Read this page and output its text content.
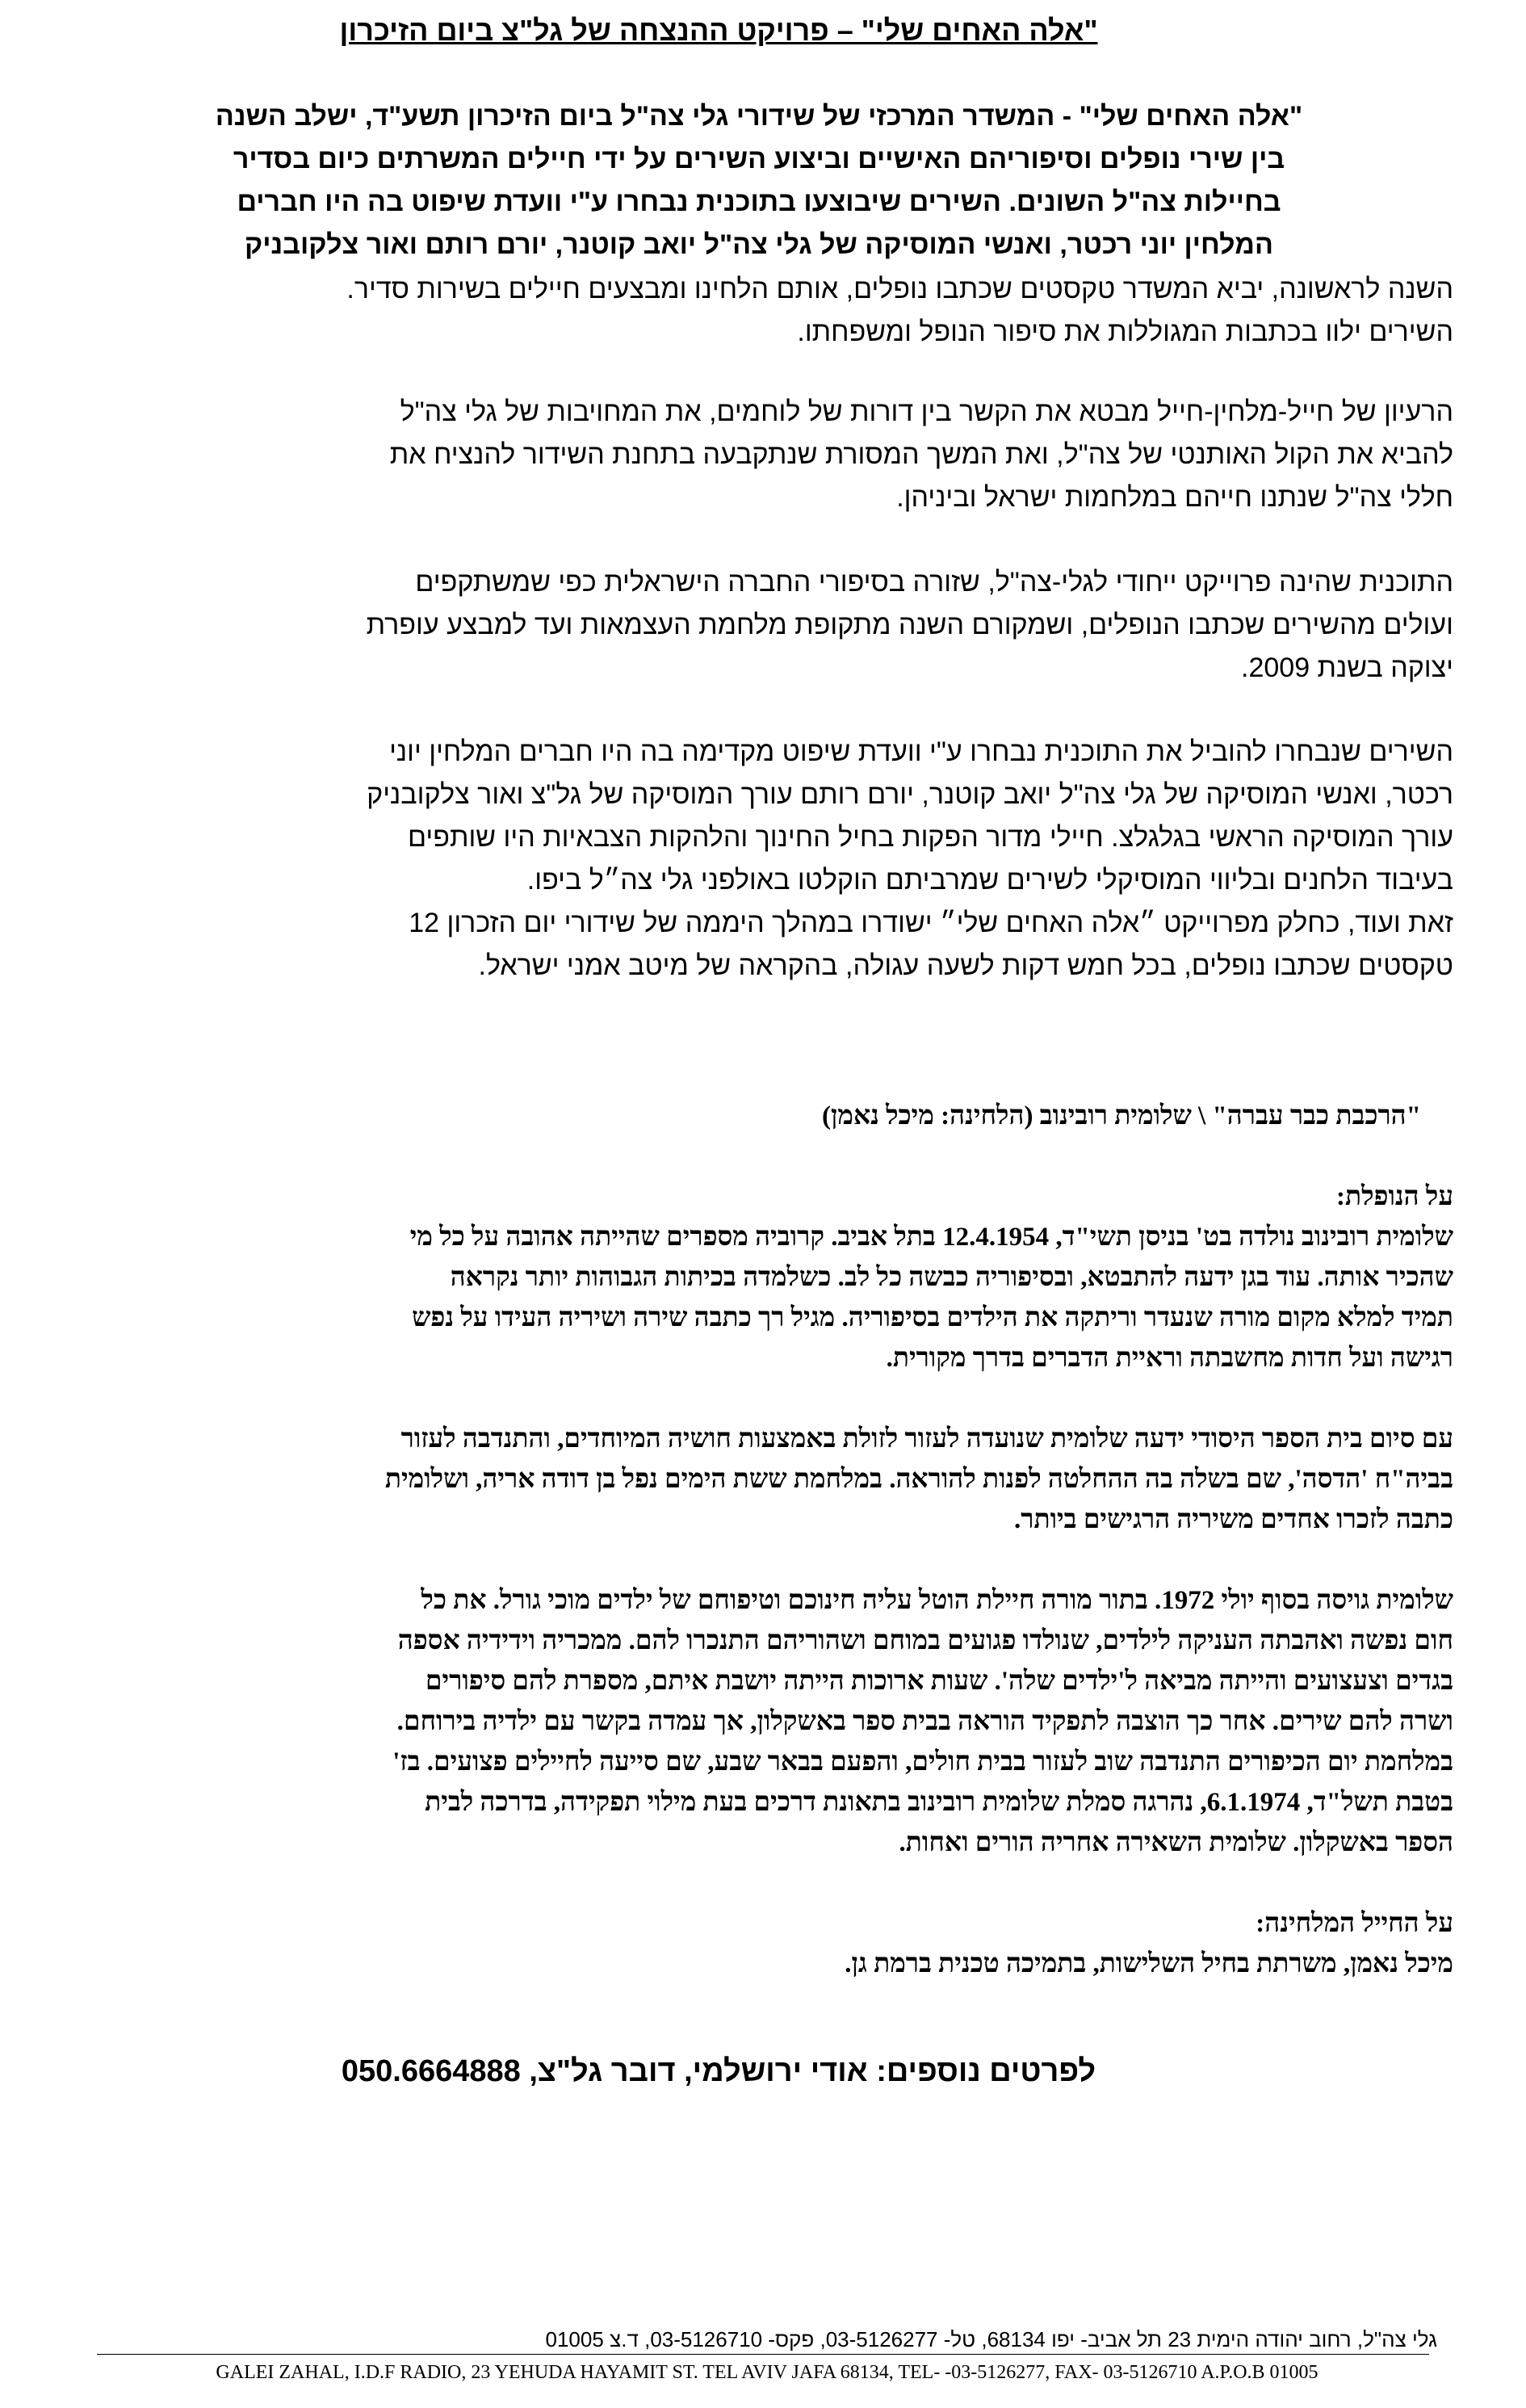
"אלה האחים שלי" – פרויקט ההנצחה של גל"צ ביום הזיכרון
"אלה האחים שלי" - המשדר המרכזי של שידורי גלי צה"ל ביום הזיכרון תשע"ד, ישלב השנה
בין שירי נופלים וסיפוריהם האישיים וביצוע השירים על ידי חיילים המשרתים כיום בסדיר
בחיילות צה"ל השונים. השירים שיבוצעו בתוכנית נבחרו ע"י וועדת שיפוט בה היו חברים
המלחין יוני רכטר, ואנשי המוסיקה של גלי צה"ל יואב קוטנר, יורם רותם ואור צלקובניק

השנה לראשונה, יביא המשדר טקסטים שכתבו נופלים, אותם הלחינו ומבצעים חיילים בשירות סדיר.

השירים ילוו בכתבות המגוללות את סיפור הנופל ומשפחתו.

הרעיון של חייל-מלחין-חייל מבטא את הקשר בין דורות של לוחמים, את המחויבות של גלי צה"ל

להביא את הקול האותנטי של צה"ל, ואת המשך המסורת שנתקבעה בתחנת השידור להנציח את

חללי צה"ל שנתנו חייהם במלחמות ישראל וביניהן.

התוכנית שהינה פרוייקט ייחודי לגלי-צה"ל, שזורה בסיפורי החברה הישראלית כפי שמשתקפים

ועולים מהשירים שכתבו הנופלים, ושמקורם השנה מתקופת מלחמת העצמאות ועד למבצע עופרת

יצוקה בשנת 2009.

השירים שנבחרו להוביל את התוכנית נבחרו ע"י וועדת שיפוט מקדימה בה היו חברים המלחין יוני

רכטר, ואנשי המוסיקה של גלי צה"ל יואב קוטנר, יורם רותם עורך המוסיקה של גל"צ ואור צלקובניק

עורך המוסיקה הראשי בגלגלצ. חיילי מדור הפקות בחיל החינוך והלהקות הצבאיות היו שותפים

בעיבוד הלחנים ובליווי המוסיקלי לשירים שמרביתם הוקלטו באולפני גלי צה״ל ביפו.

זאת ועוד, כחלק מפרוייקט ״אלה האחים שלי״ ישודרו במהלך היממה של שידורי יום הזכרון 12

טקסטים שכתבו נופלים, בכל חמש דקות לשעה עגולה, בהקראה של מיטב אמני ישראל.

"הרכבת כבר עברה" \ שלומית רובינוב (הלחינה: מיכל נאמן)

על הנופלת:

שלומית רובינוב נולדה בט' בניסן תשי"ד, 12.4.1954 בתל אביב. קרוביה מספרים שהייתה אהובה על כל מי

שהכיר אותה. עוד בגן ידעה להתבטא, ובסיפוריה כבשה כל לב. כשלמדה בכיתות הגבוהות יותר נקראה

תמיד למלא מקום מורה שנעדר וריתקה את הילדים בסיפוריה. מגיל רך כתבה שירה ושיריה העידו על נפש

רגישה ועל חדות מחשבתה וראיית הדברים בדרך מקורית.

עם סיום בית הספר היסודי ידעה שלומית שנועדה לעזור לזולת באמצעות חושיה המיוחדים, והתנדבה לעזור

בביה"ח 'הדסה', שם בשלה בה ההחלטה לפנות להוראה. במלחמת ששת הימים נפל בן דודה אריה, ושלומית

כתבה לזכרו אחדים משיריה הרגישים ביותר.

שלומית גויסה בסוף יולי 1972. בתור מורה חיילת הוטל עליה חינוכם וטיפוחם של ילדים מוכי גורל. את כל

חום נפשה ואהבתה העניקה לילדים, שנולדו פגועים במוחם ושהוריהם התנכרו להם. ממכריה וידידיה אספה

בגדים וצעצועים והייתה מביאה ל'ילדים שלה'. שעות ארוכות הייתה יושבת איתם, מספרת להם סיפורים

ושרה להם שירים. אחר כך הוצבה לתפקיד הוראה בבית ספר באשקלון, אך עמדה בקשר עם ילדיה בירוחם.

במלחמת יום הכיפורים התנדבה שוב לעזור בבית חולים, והפעם בבאר שבע, שם סייעה לחיילים פצועים. בז'

בטבת תשל"ד, 6.1.1974, נהרגה סמלת שלומית רובינוב בתאונת דרכים בעת מילוי תפקידה, בדרכה לבית

הספר באשקלון. שלומית השאירה אחריה הורים ואחות.

על החייל המלחינה:

מיכל נאמן, משרתת בחיל השלישות, בתמיכה טכנית ברמת גן.

לפרטים נוספים: אודי ירושלמי, דובר גל"צ, 050.6664888
גלי צה"ל, רחוב יהודה הימית 23 תל אביב- יפו 68134, טל- 03-5126277, פקס- 03-5126710, ד.צ 01005
GALEI ZAHAL, I.D.F RADIO, 23 YEHUDA HAYAMIT ST. TEL AVIV JAFA 68134, TEL- -03-5126277, FAX- 03-5126710 A.P.O.B 01005
